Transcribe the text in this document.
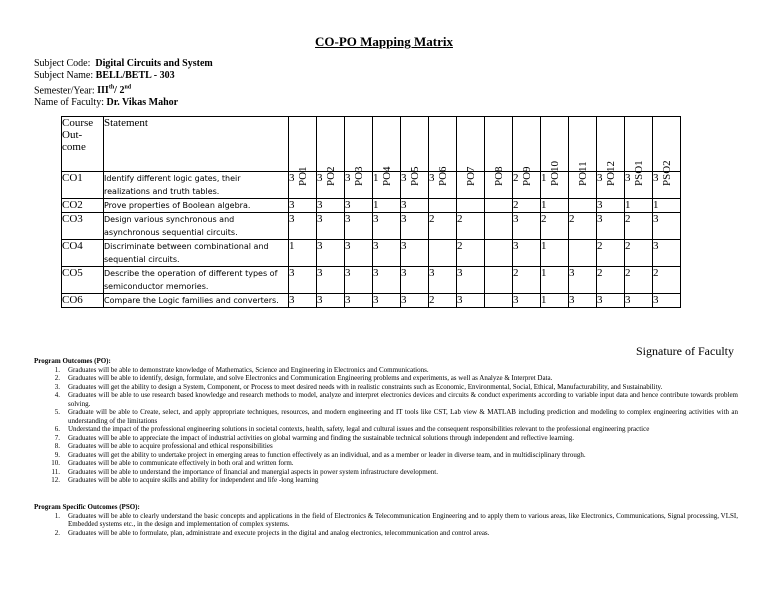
CO-PO Mapping Matrix
Subject Code: Digital Circuits and System
Subject Name: BELL/BETL - 303
Semester/Year: IIIth/ 2nd
Name of Faculty: Dr. Vikas Mahor
Course Out- come	Statement	PO1	PO2	PO3	PO4	PO5	PO6	PO7	PO8	PO9	PO10	PO11	PO12	PSO1	PSO2

CO1	Identify different logic gates, their realizations and truth tables.	3	3	3	1	3	3			2	1		3	3	3
CO2	Prove properties of Boolean algebra.	3	3	3	1	3				2	1		3	1	1
CO3	Design various synchronous and asynchronous sequential circuits.	3	3	3	3	3	2	2		3	2	2	3	2	3
CO4	Discriminate between combinational and sequential circuits.	1	3	3	3	3		2		3	1		2	2	3
CO5	Describe the operation of different types of semiconductor memories.	3	3	3	3	3	3	3		2	1	3	2	2	2
CO6	Compare the Logic families and converters.	3	3	3	3	3	2	3		3	1	3	3	3	3
Signature of Faculty
Program Outcomes (PO):
1.	Graduates will be able to demonstrate knowledge of Mathematics, Science and Engineering in Electronics and Communications.
2.	Graduates will be able to identify, design, formulate, and solve Electronics and Communication Engineering problems and experiments, as well as Analyze & Interpret Data.
3.	Graduates will get the ability to design a System, Component, or Process to meet desired needs with in realistic constraints such as Economic, Environmental, Social, Ethical, Manufacturability, and Sustainability.
4.	Graduates will be able to use research based knowledge and research methods to model, analyze and interpret electronics devices and circuits & conduct experiments according to variable input data and hence contribute towards problem solving.
5.	Graduate will be able to Create, select, and apply appropriate techniques, resources, and modern engineering and IT tools like CST, Lab view & MATLAB including prediction and modeling to complex engineering activities with an understanding of the limitations
6.	Understand the impact of the professional engineering solutions in societal contexts, health, safety, legal and cultural issues and the consequent responsibilities relevant to the professional engineering practice
7.	Graduates will be able to appreciate the impact of industrial activities on global warming and finding the sustainable technical solutions through independent and reflective learning.
8.	Graduates will be able to acquire professional and ethical responsibilities
9.	Graduates will get the ability to undertake project in emerging areas to function effectively as an individual, and as a member or leader in diverse team, and in multidisciplinary through.
10.	Graduates will be able to communicate effectively in both oral and written form.
11.	Graduates will be able to understand the importance of financial and manergial aspects in power system infrastructure development.
12.	Graduates will be able to acquire skills and ability for independent and life -long learning
Program Specific Outcomes (PSO):
1.	Graduates will be able to clearly understand the basic concepts and applications in the field of Electronics & Telecommunication Engineering and to apply them to various areas, like Electronics, Communications, Signal processing, VLSI, Embedded systems etc., in the design and implementation of complex systems.
2.	Graduates will be able to formulate, plan, administrate and execute projects in the digital and analog electronics, telecommunication and control areas.
